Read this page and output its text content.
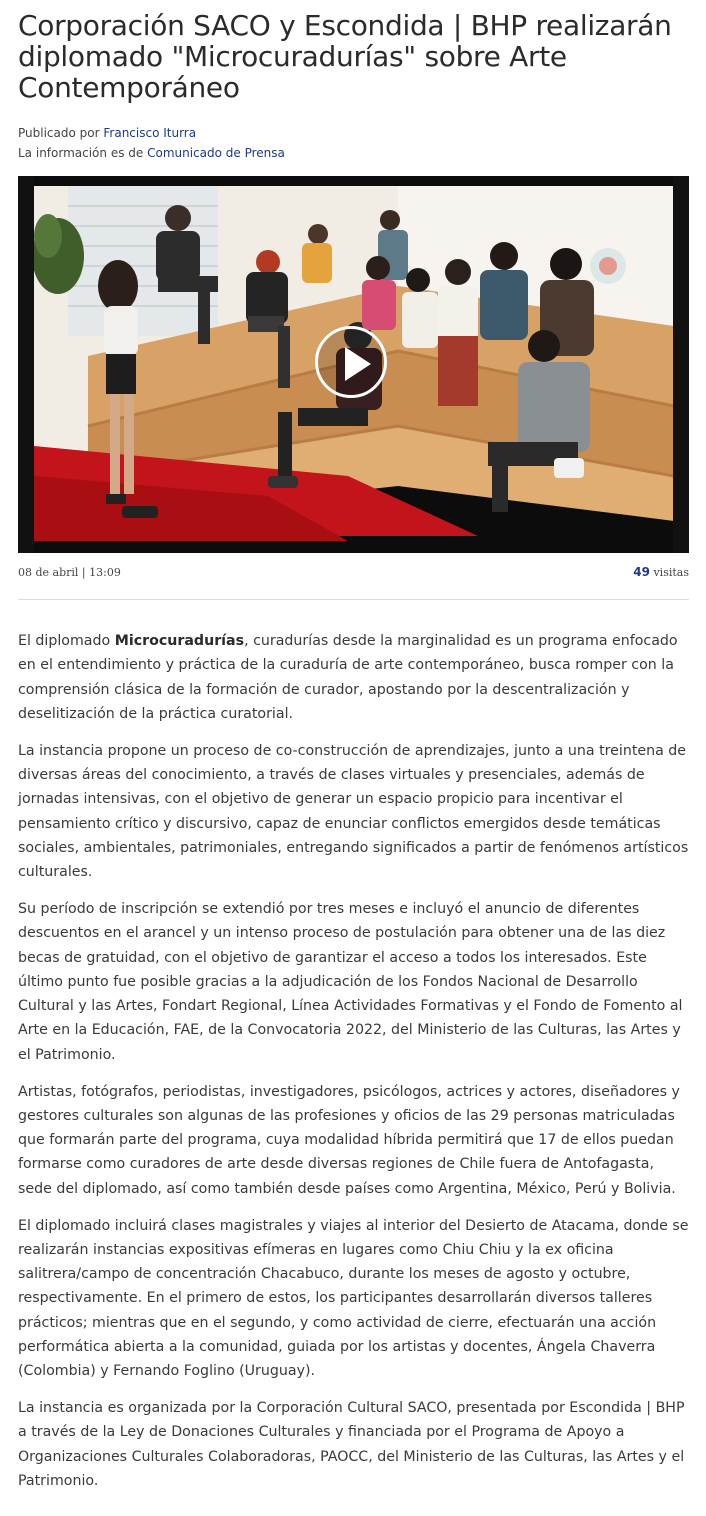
Corporación SACO y Escondida | BHP realizarán diplomado "Microcuradurías" sobre Arte Contemporáneo
Publicado por Francisco Iturra
La información es de Comunicado de Prensa
08 de abril | 13:09	49 visitas

El diplomado Microcuradurías, curadurías desde la marginalidad es un programa enfocado en el entendimiento y práctica de la curaduría de arte contemporáneo, busca romper con la comprensión clásica de la formación de curador, apostando por la descentralización y deselitización de la práctica curatorial.

La instancia propone un proceso de co-construcción de aprendizajes, junto a una treintena de diversas áreas del conocimiento, a través de clases virtuales y presenciales, además de jornadas intensivas, con el objetivo de generar un espacio propicio para incentivar el pensamiento crítico y discursivo, capaz de enunciar conflictos emergidos desde temáticas sociales, ambientales, patrimoniales, entregando significados a partir de fenómenos artísticos culturales.

Su período de inscripción se extendió por tres meses e incluyó el anuncio de diferentes descuentos en el arancel y un intenso proceso de postulación para obtener una de las diez becas de gratuidad, con el objetivo de garantizar el acceso a todos los interesados. Este último punto fue posible gracias a la adjudicación de los Fondos Nacional de Desarrollo Cultural y las Artes, Fondart Regional, Línea Actividades Formativas y el Fondo de Fomento al Arte en la Educación, FAE, de la Convocatoria 2022, del Ministerio de las Culturas, las Artes y el Patrimonio.

Artistas, fotógrafos, periodistas, investigadores, psicólogos, actrices y actores, diseñadores y gestores culturales son algunas de las profesiones y oficios de las 29 personas matriculadas que formarán parte del programa, cuya modalidad híbrida permitirá que 17 de ellos puedan formarse como curadores de arte desde diversas regiones de Chile fuera de Antofagasta, sede del diplomado, así como también desde países como Argentina, México, Perú y Bolivia.

El diplomado incluirá clases magistrales y viajes al interior del Desierto de Atacama, donde se realizarán instancias expositivas efímeras en lugares como Chiu Chiu y la ex oficina salitrera/campo de concentración Chacabuco, durante los meses de agosto y octubre, respectivamente. En el primero de estos, los participantes desarrollarán diversos talleres prácticos; mientras que en el segundo, y como actividad de cierre, efectuarán una acción performática abierta a la comunidad, guiada por los artistas y docentes, Ángela Chaverra (Colombia) y Fernando Foglino (Uruguay).

La instancia es organizada por la Corporación Cultural SACO, presentada por Escondida | BHP a través de la Ley de Donaciones Culturales y financiada por el Programa de Apoyo a Organizaciones Culturales Colaboradoras, PAOCC, del Ministerio de las Culturas, las Artes y el Patrimonio.
